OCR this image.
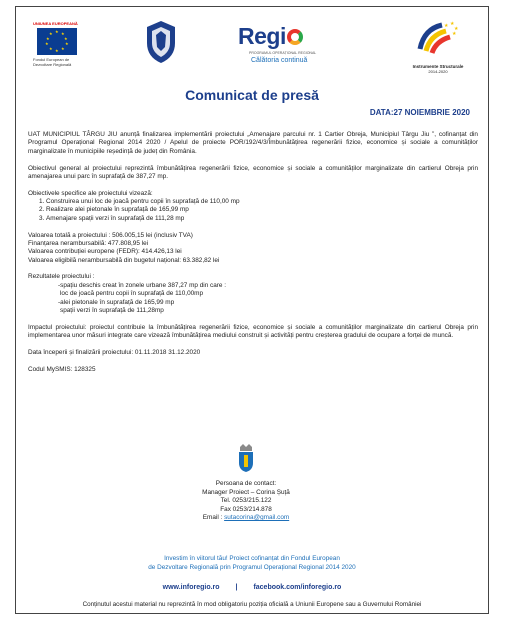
UNIUNEA EUROPEANĂ
★ ★
★
★
★
★
★
★
★
★
Fondul European de
Dezvoltare Regională
Regi
PROGRAMUL OPERAȚIONAL REGIONAL
Călătoria continuă
★ ★
★
★
Instrumente Structurale
2014-2020
Comunicat de presă
DATA:27 NOIEMBRIE 2020

UAT MUNICIPIUL TÂRGU JIU anunță finalizarea implementării proiectului „Amenajare parcului nr. 1 Cartier Obreja, Municipiul Târgu Jiu ”, cofinanțat din Programul Operațional Regional 2014 2020 / Apelul de proiecte POR/192/4/3/Îmbunătățirea regenerării fizice, economice și sociale a comunităților marginalizate în municipiile reședință de județ din România.

Obiectivul general al proiectului reprezintă îmbunătățirea regenerării fizice, economice și sociale a comunităților marginalizate din cartierul Obreja prin amenajarea unui parc în suprafață de 387,27 mp.

Obiectivele specifice ale proiectului vizează:

1. Construirea unui loc de joacă pentru copii în suprafață de 110,00 mp
2. Realizare alei pietonale în suprafață de 165,99 mp
3. Amenajare spații verzi în suprafață de 111,28 mp

Valoarea totală a proiectului : 506.005,15 lei (inclusiv TVA)

Finanțarea nerambursabilă: 477.808,95 lei

Valoarea contribuției europene (FEDR): 414.426,13 lei

Valoarea eligibilă nerambursabilă din bugetul național: 63.382,82 lei

Rezultatele proiectului :

-spațiu deschis creat în zonele urbane 387,27 mp din care :

loc de joacă pentru copii în suprafață de 110,00mp

-alei pietonale în suprafață de 165,99 mp

spații verzi în suprafață de 111,28mp

Impactul proiectului: proiectul contribuie la îmbunătățirea regenerării fizice, economice și sociale a comunităților marginalizate din cartierul Obreja prin implementarea unor măsuri integrate care vizează îmbunătățirea mediului construit și activități pentru creșterea gradului de ocupare a forței de muncă.

Data începerii și finalizării proiectului: 01.11.2018 31.12.2020

Codul MySMIS: 128325

Persoana de contact:
Manager Proiect – Corina Șuță
Tel. 0253/215.122
Fax 0253/214.878
Email : sutacorina@gmail.com
Investim în viitorul tău! Proiect cofinanțat din Fondul European
de Dezvoltare Regională prin Programul Operațional Regional 2014 2020
www.inforegio.ro | facebook.com/inforegio.ro
Conținutul acestui material nu reprezintă în mod obligatoriu poziția oficială a Uniunii Europene sau a Guvernului României
